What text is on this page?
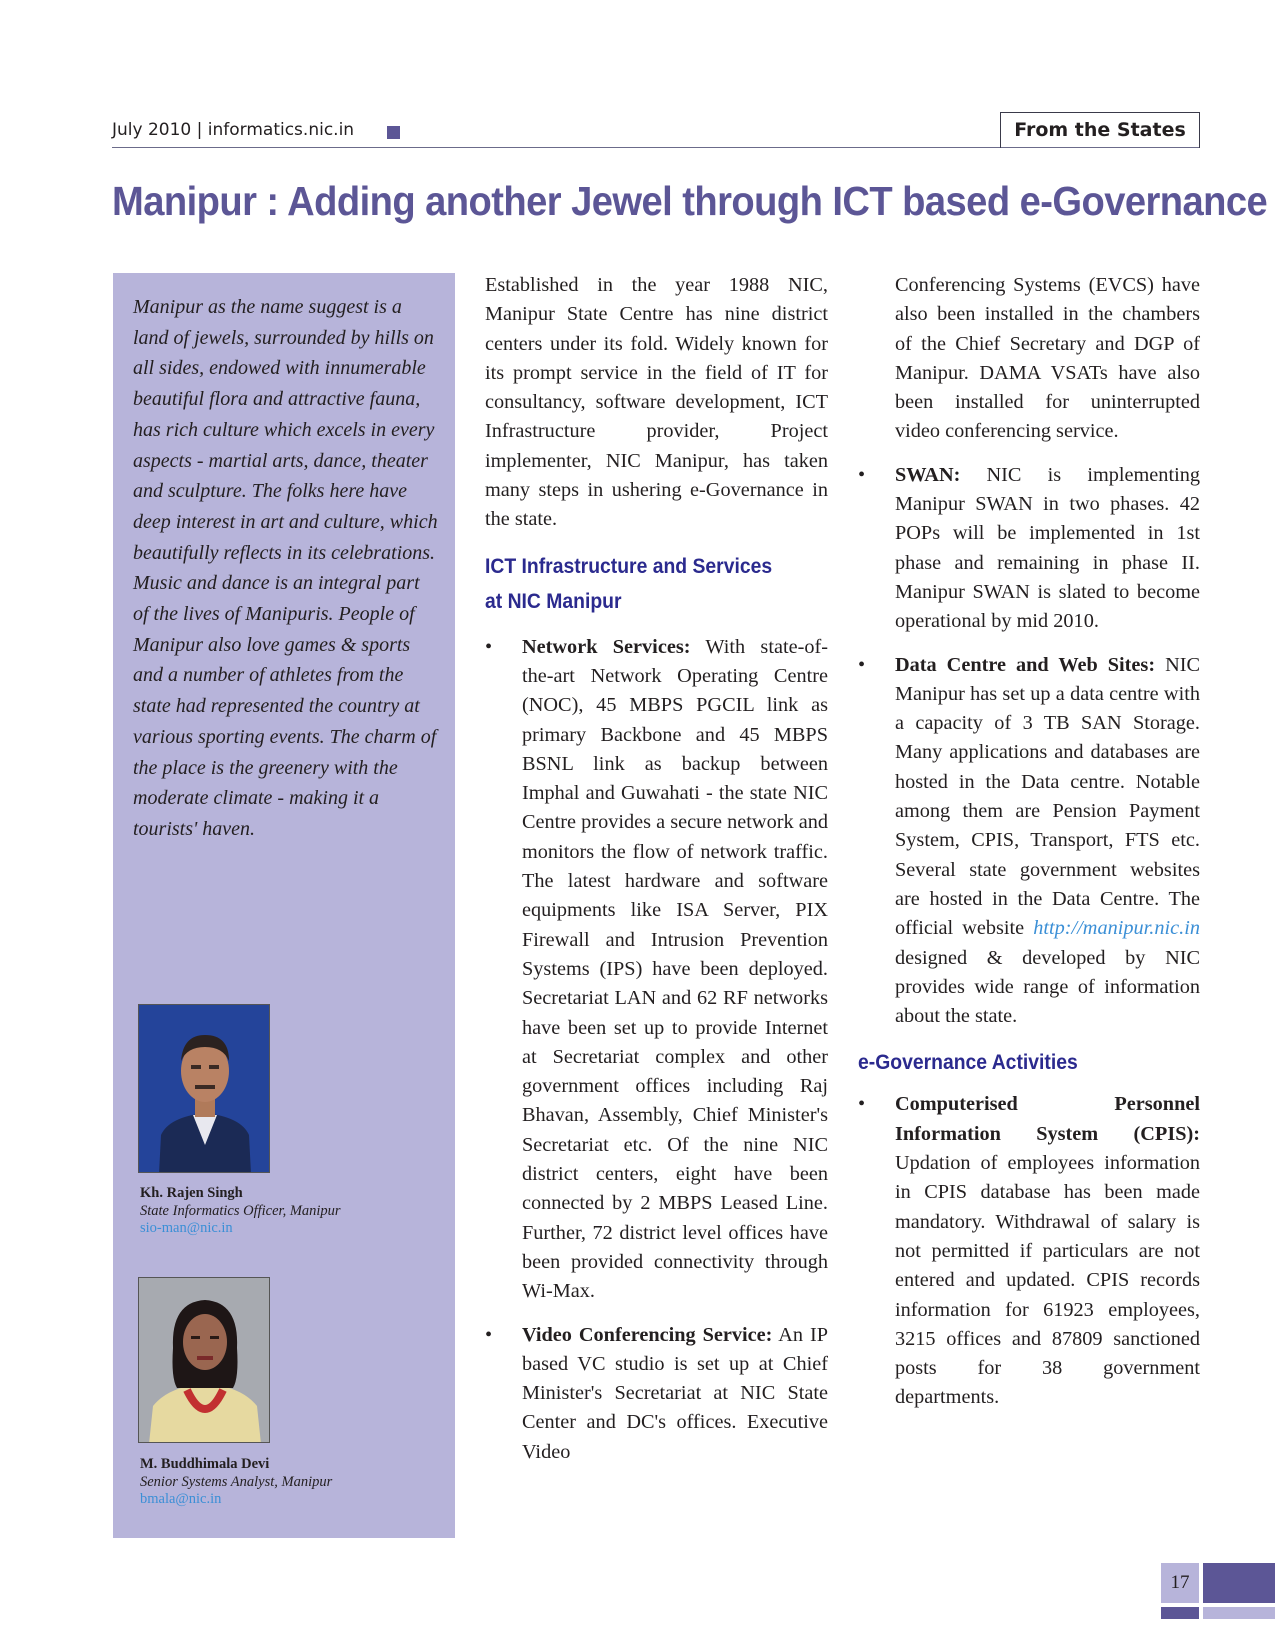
July 2010 | informatics.nic.in	From the States
Manipur : Adding another Jewel through ICT based e-Governance

Manipur as the name suggest is a land of jewels, surrounded by hills on all sides, endowed with innumerable beautiful flora and attractive fauna, has rich culture which excels in every aspects - martial arts, dance, theater and sculpture. The folks here have deep interest in art and culture, which beautifully reflects in its celebrations. Music and dance is an integral part of the lives of Manipuris. People of Manipur also love games & sports and a number of athletes from the state had represented the country at various sporting events. The charm of the place is the greenery with the moderate climate - making it a tourists' haven.

Kh. Rajen Singh
State Informatics Officer, Manipur
sio-man@nic.in
M. Buddhimala Devi
Senior Systems Analyst, Manipur
bmala@nic.in

Established in the year 1988 NIC, Manipur State Centre has nine district centers under its fold. Widely known for its prompt service in the field of IT for consultancy, software development, ICT Infrastructure provider, Project implementer, NIC Manipur, has taken many steps in ushering e-Governance in the state.

ICT Infrastructure and Services at NIC Manipur
• Network Services: With state-of-the-art Network Operating Centre (NOC), 45 MBPS PGCIL link as primary Backbone and 45 MBPS BSNL link as backup between Imphal and Guwahati - the state NIC Centre provides a secure network and monitors the flow of network traffic. The latest hardware and software equipments like ISA Server, PIX Firewall and Intrusion Prevention Systems (IPS) have been deployed. Secretariat LAN and 62 RF networks have been set up to provide Internet at Secretariat complex and other government offices including Raj Bhavan, Assembly, Chief Minister's Secretariat etc. Of the nine NIC district centers, eight have been connected by 2 MBPS Leased Line. Further, 72 district level offices have been provided connectivity through Wi-Max.
• Video Conferencing Service: An IP based VC studio is set up at Chief Minister's Secretariat at NIC State Center and DC's offices. Executive Video

Conferencing Systems (EVCS) have also been installed in the chambers of the Chief Secretary and DGP of Manipur. DAMA VSATs have also been installed for uninterrupted video conferencing service.

• SWAN: NIC is implementing Manipur SWAN in two phases. 42 POPs will be implemented in 1st phase and remaining in phase II. Manipur SWAN is slated to become operational by mid 2010.
• Data Centre and Web Sites: NIC Manipur has set up a data centre with a capacity of 3 TB SAN Storage. Many applications and databases are hosted in the Data centre. Notable among them are Pension Payment System, CPIS, Transport, FTS etc. Several state government websites are hosted in the Data Centre. The official website http://manipur.nic.in designed & developed by NIC provides wide range of information about the state.
e-Governance Activities
• Computerised Personnel Information System (CPIS): Updation of employees information in CPIS database has been made mandatory. Withdrawal of salary is not permitted if particulars are not entered and updated. CPIS records information for 61923 employees, 3215 offices and 87809 sanctioned posts for 38 government departments.
17
